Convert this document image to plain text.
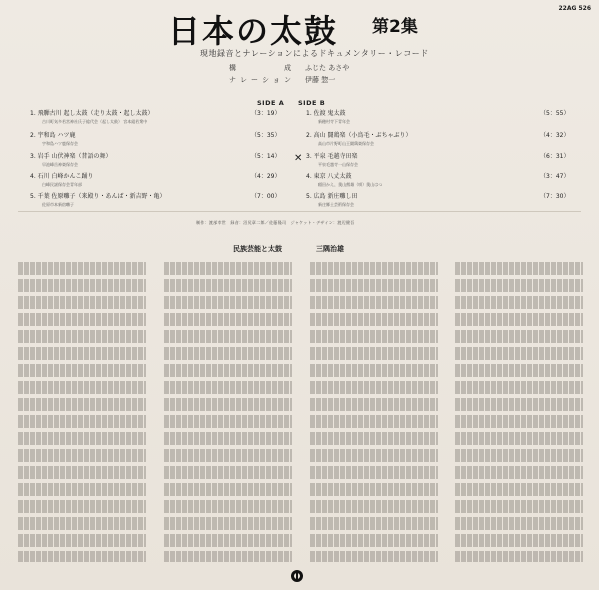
22AG 526
日本の太鼓 第2集
現地録音とナレーションによるドキュメンタリー・レコード
構成 ふじた あさや
ナレーション 伊藤 惣一
SIDE A SIDE B
1. 飛騨古川 起し太鼓（走り太鼓・起し太鼓）
古川町気多若宮神社氏子総代会（起し太鼓） 宮本組若衆中
（3：19）
2. 宇和島 ハツ鹿
宇和島ハツ鹿保存会
（5：35）
3. 岩手 山伏神楽（昔語の舞）
早池峰岳神楽保存会
（5：14）
4. 石川 白峰かんこ踊り
白峰民謡保存会青年部
（4：29）
5. 千葉 佐原囃子（来殿り・あんば・新吉野・亀）
佐原市本新宿囃子
（7：00）
1. 佐渡 鬼太鼓
新穂村寺下青年会
（5：55）
✕
2. 高山 闘鶏楽（小鳥毛・ぶちゃぶり）
高山市片野町山王闘鶏楽保存会
（4：32）
3. 平泉 毛越寺田楽
平泉毛越寺一山保存会
（6：31）
4. 東京 八丈太鼓
稲田かえ，奥山熊雄（唄）奥山はつ
（3：47）
5. 広島 新庄囃し田
新庄郷土芸術保存会
（7：30）
制作：渡部幸世　録音：沼尻章二郎／佐藤隆司　ジャケット・デザイン：渡辺健吾
民族芸能と太鼓	三隅治雄
